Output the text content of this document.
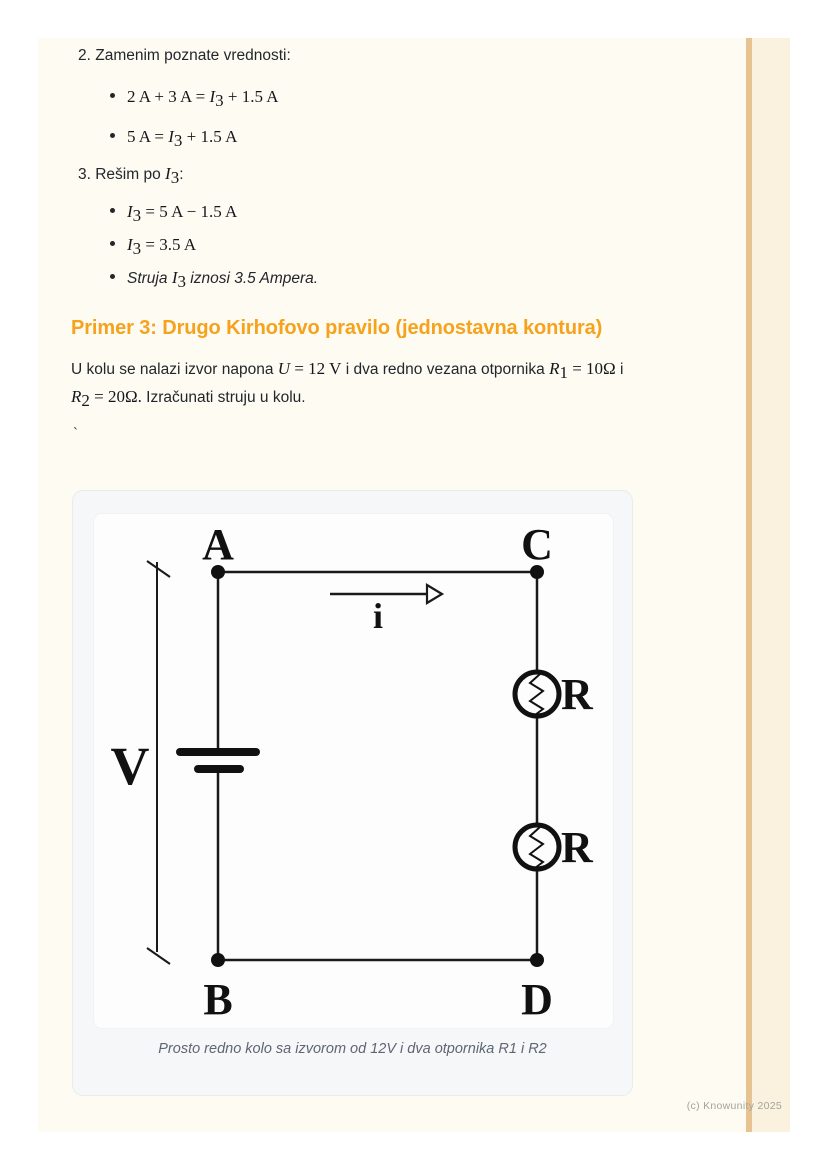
2. Zamenim poznate vrednosti:
2 A + 3 $A = I_3 + 1.5$ A
5 $A = I_3 + 1.5$ A
3. Rešim po $I_3$:
$I_3 = 5$ A − 1.5 A
$I_3 = 3.5$ A
Struja $I_3$ iznosi 3.5 Ampera.
Primer 3: Drugo Kirhofovo pravilo (jednostavna kontura)
U kolu se nalazi izvor napona U = 12 V i dva redno vezana otpornika $R_1 = 10\Omega$ i
$R_2 = 20\Omega$. Izračunati struju u kolu.
`
A	C
B	D
V
i
R
R
Prosto redno kolo sa izvorom od 12V i dva otpornika R1 i R2
(c) Knowunity 2025
